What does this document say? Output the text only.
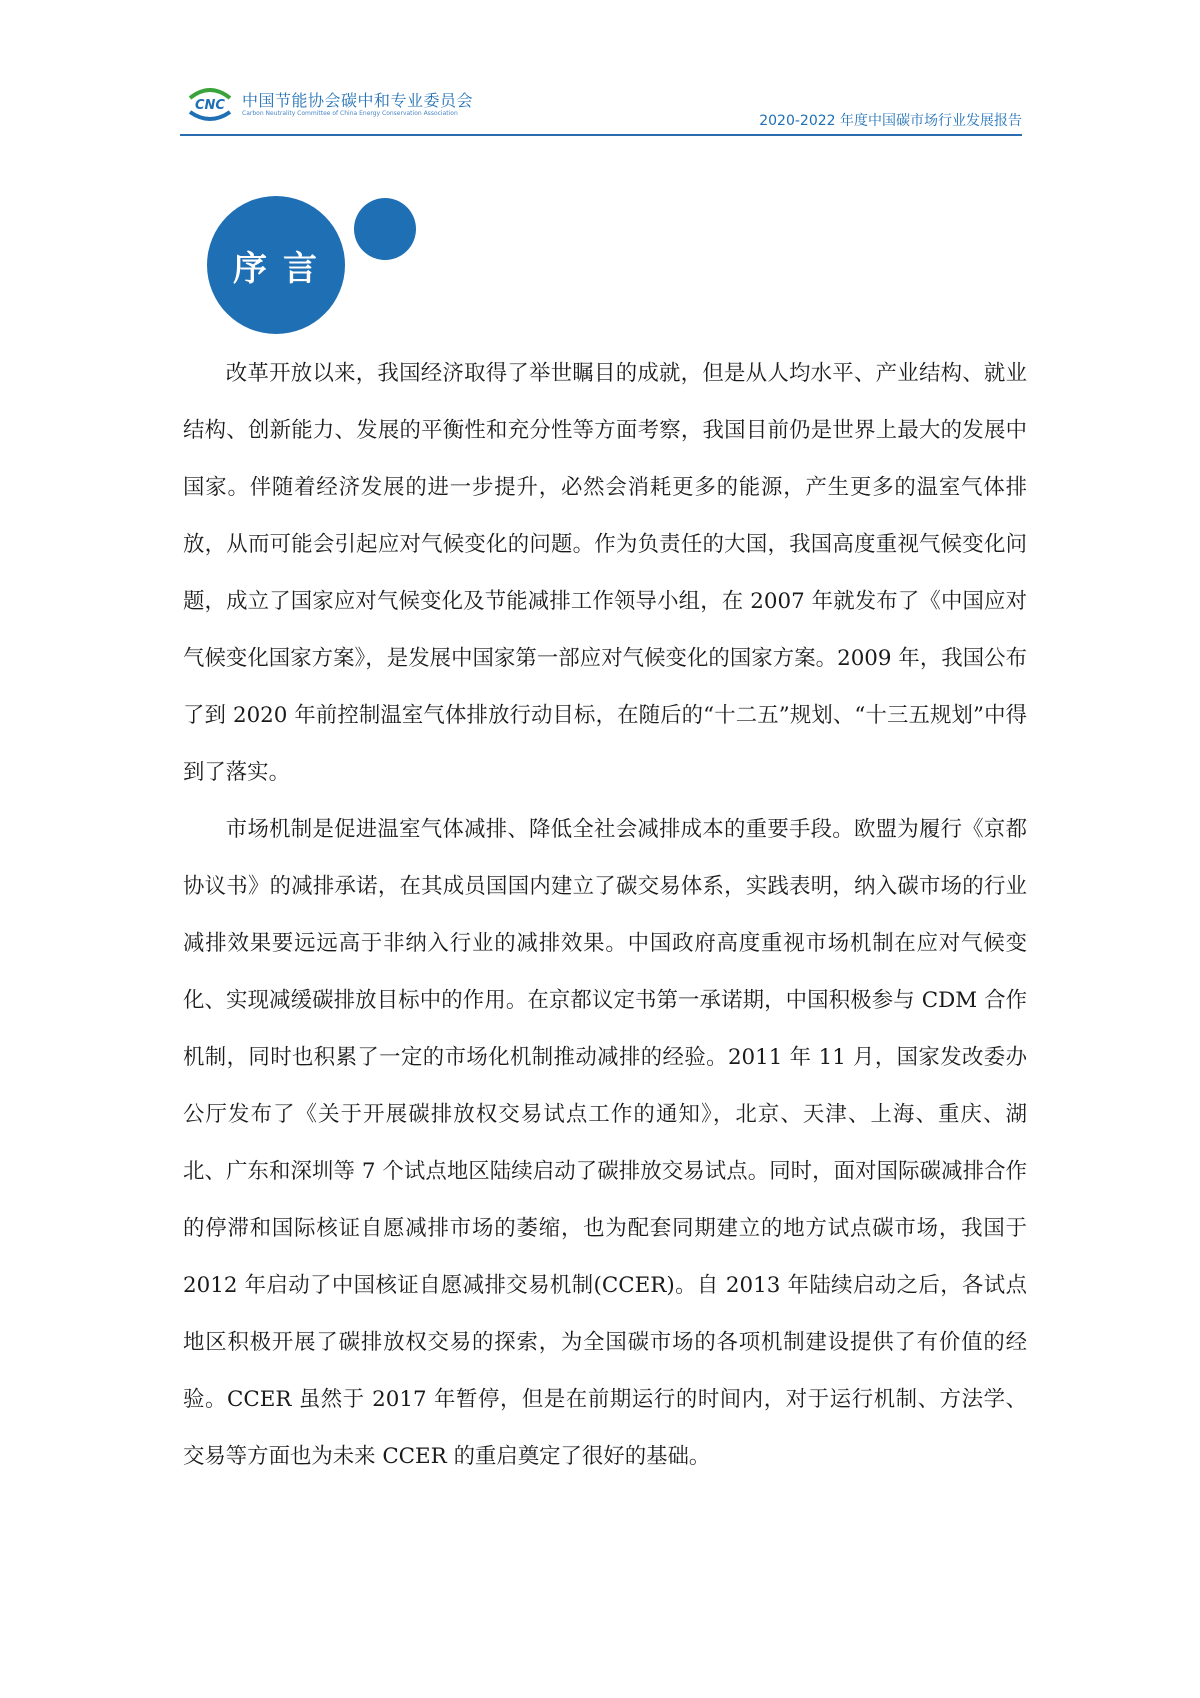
CNC 中国节能协会碳中和专业委员会
Carbon Neutrality Committee of China Energy Conservation Association	2020-2022 年度中国碳市场行业发展报告
序言

改革开放以来，我国经济取得了举世瞩目的成就，但是从人均水平、产业结构、就业结构、创新能力、发展的平衡性和充分性等方面考察，我国目前仍是世界上最大的发展中国家。伴随着经济发展的进一步提升，必然会消耗更多的能源，产生更多的温室气体排放，从而可能会引起应对气候变化的问题。作为负责任的大国，我国高度重视气候变化问题，成立了国家应对气候变化及节能减排工作领导小组，在 2007 年就发布了《中国应对气候变化国家方案》，是发展中国家第一部应对气候变化的国家方案。2009 年，我国公布了到 2020 年前控制温室气体排放行动目标，在随后的“十二五”规划、“十三五规划”中得到了落实。

市场机制是促进温室气体减排、降低全社会减排成本的重要手段。欧盟为履行《京都协议书》的减排承诺，在其成员国国内建立了碳交易体系，实践表明，纳入碳市场的行业减排效果要远远高于非纳入行业的减排效果。中国政府高度重视市场机制在应对气候变化、实现减缓碳排放目标中的作用。在京都议定书第一承诺期，中国积极参与 CDM 合作机制，同时也积累了一定的市场化机制推动减排的经验。2011 年 11 月，国家发改委办公厅发布了《关于开展碳排放权交易试点工作的通知》，北京、天津、上海、重庆、湖北、广东和深圳等 7 个试点地区陆续启动了碳排放交易试点。同时，面对国际碳减排合作的停滞和国际核证自愿减排市场的萎缩，也为配套同期建立的地方试点碳市场，我国于 2012 年启动了中国核证自愿减排交易机制(CCER)。自 2013 年陆续启动之后，各试点地区积极开展了碳排放权交易的探索，为全国碳市场的各项机制建设提供了有价值的经验。CCER 虽然于 2017 年暂停，但是在前期运行的时间内，对于运行机制、方法学、交易等方面也为未来 CCER 的重启奠定了很好的基础。
